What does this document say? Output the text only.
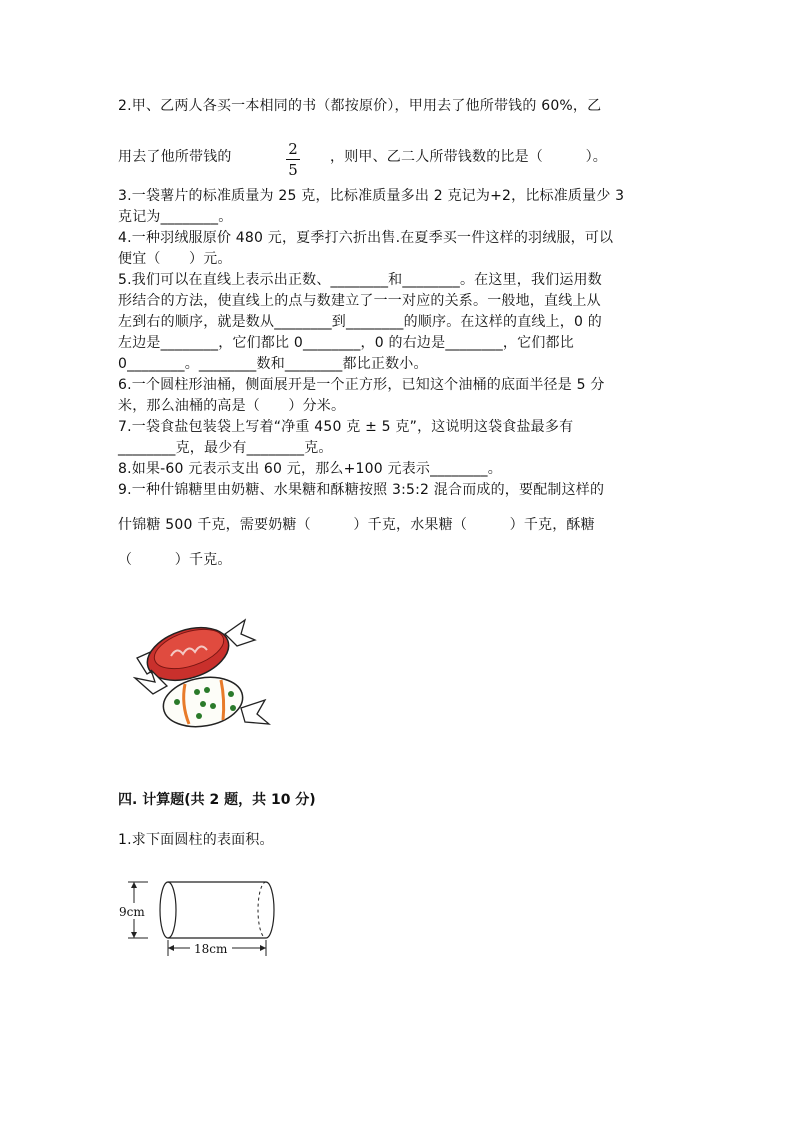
2.甲、乙两人各买一本相同的书（都按原价），甲用去了他所带钱的 60%，乙
用去了他所带钱的	2
5
，则甲、乙二人所带钱数的比是（　　　）。
3.一袋薯片的标准质量为 25 克，比标准质量多出 2 克记为+2，比标准质量少 3
克记为________。
4.一种羽绒服原价 480 元，夏季打六折出售.在夏季买一件这样的羽绒服，可以
便宜（　　）元。
5.我们可以在直线上表示出正数、________和________。在这里，我们运用数
形结合的方法，使直线上的点与数建立了一一对应的关系。一般地，直线上从
左到右的顺序，就是数从________到________的顺序。在这样的直线上，0 的
左边是________，它们都比 0________，0 的右边是________，它们都比
0________。________数和________都比正数小。
6.一个圆柱形油桶，侧面展开是一个正方形，已知这个油桶的底面半径是 5 分
米，那么油桶的高是（　　）分米。
7.一袋食盐包装袋上写着“净重 450 克 ± 5 克”，这说明这袋食盐最多有
________克，最少有________克。
8.如果-60 元表示支出 60 元，那么+100 元表示________。
9.一种什锦糖里由奶糖、水果糖和酥糖按照 3:5:2 混合而成的，要配制这样的
什锦糖 500 千克，需要奶糖（　　　）千克，水果糖（　　　）千克，酥糖
（　　　）千克。
四. 计算题(共 2 题，共 10 分)
1.求下面圆柱的表面积。
9cm
18cm
